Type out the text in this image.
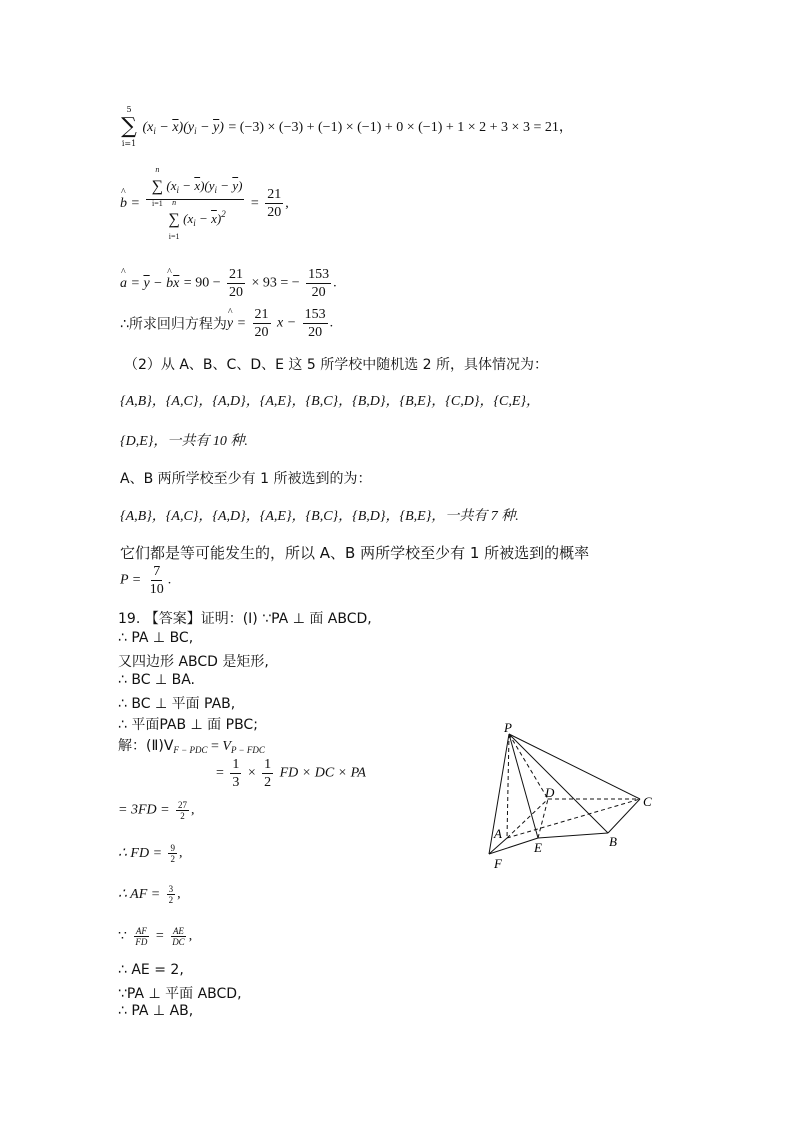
5
∑
i=1
$(x_i - \overline{x})(y_i - \overline{y}) = (-3) \times (-3) + (-1) \times (-1) + 0 \times (-1) + 1 \times 2 + 3 \times 3 = 21$，
^ b = n
∑
i=1
$(x_i - \overline{x})(y_i - \overline{y})$
n
∑
i=1
$(x_i - \overline{x})^2 = \frac{21}{20}$ ,
^ $a = \overline{y}$ − ^ $b\overline{x} = 90 - \frac{21}{20} \times 93$ = − $\frac{153}{20}$ .
∴所求回归方程为^ $y = \frac{21}{20}$ $x - \frac{153}{20}$ .
（2）从 A、B、C、D、E 这 5 所学校中随机选 2 所，具体情况为：
{A,B}，{A,C}，{A,D}，{A,E}，{B,C}，{B,D}，{B,E}，{C,D}，{C,E}，
{D,E}，一共有 10 种.
A、B 两所学校至少有 1 所被选到的为：
{A,B}，{A,C}，{A,D}，{A,E}，{B,C}，{B,D}，{B,E}，一共有 7 种.
它们都是等可能发生的，所以 A、B 两所学校至少有 1 所被选到的概率
$P = \frac{7}{10}$ .
19. 【答案】证明：(Ⅰ) ∵PA ⊥ 面 ABCD,
∴ PA ⊥ BC,
又四边形 ABCD 是矩形,
∴ BC ⊥ BA.
∴ BC ⊥ 平面 PAB,
∴ 平面PAB ⊥ 面 PBC;
解：$(Ⅱ)V_{F - PDC} = V_{P - FDC}$
= $\frac{1}{3} \times \frac{1}{2}$ FD × DC × PA
= $3FD = \frac{27}{2}$ ,
∴ FD = $\frac{9}{2}$ ,
∴ AF = $\frac{3}{2}$ ,
∵ $\frac{AF}{FD} = \frac{AE}{DC}$ ,
∴ AE = 2,
∵PA ⊥ 平面 ABCD,
∴ PA ⊥ AB,
P
D
C
A
E	B
F
